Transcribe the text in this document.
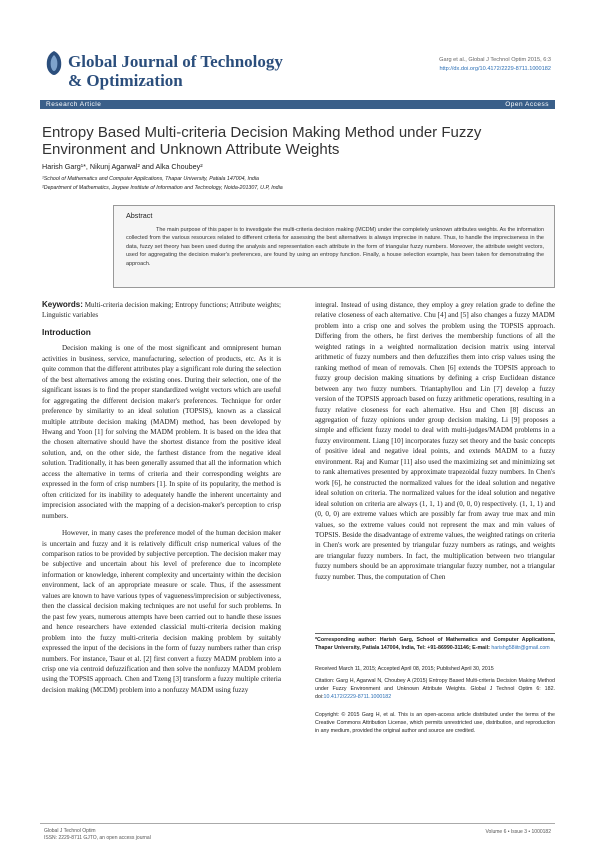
Global Journal of Technology
& Optimization
Garg et al., Global J Technol Optim 2015, 6:3
http://dx.doi.org/10.4172/2229-8711.1000182
Research Article	Open Access
Entropy Based Multi-criteria Decision Making Method under Fuzzy Environment and Unknown Attribute Weights
Harish Garg¹*, Nikunj Agarwal² and Alka Choubey²
¹School of Mathematics and Computer Applications, Thapar University, Patiala 147004, India
²Department of Mathematics, Jaypee Institute of Information and Technology, Noida-201307, U.P, India
Abstract
The main purpose of this paper is to investigate the multi-criteria decision making (MCDM) under the completely unknown attributes weights. As the information collected from the various resources related to different criteria for assessing the best alternatives is always imprecise in nature. Thus, to handle the impreciseness in the data, fuzzy set theory has been used during the analysis and representation each attribute in the form of triangular fuzzy numbers. Moreover, the attribute weight vectors, used for aggregating the decision maker's preferences, are found by using an entropy function. Finally, a house selection example, has been taken for demonstrating the approach.

Keywords: Multi-criteria decision making; Entropy functions; Attribute weights; Linguistic variables

Introduction

Decision making is one of the most significant and omnipresent human activities in business, service, manufacturing, selection of products, etc. As it is quite common that the different attributes play a significant role during the selection of the best alternatives among the existing ones. During their selection, one of the significant issues is to find the proper standardized weight vectors which are useful for aggregating the different decision maker's preferences. Technique for order preference by similarity to an ideal solution (TOPSIS), known as a classical multiple attribute decision making (MADM) method, has been developed by Hwang and Yoon [1] for solving the MADM problem. It is based on the idea that the chosen alternative should have the shortest distance from the positive ideal solution, and, on the other side, the farthest distance from the negative ideal solution. Traditionally, it has been generally assumed that all the information which access the alternative in terms of criteria and their corresponding weights are expressed in the form of crisp numbers [1]. In spite of its popularity, the method is often criticized for its inability to adequately handle the inherent uncertainty and imprecision associated with the mapping of a decision-maker's perception to crisp numbers.

However, in many cases the preference model of the human decision maker is uncertain and fuzzy and it is relatively difficult crisp numerical values of the comparison ratios to be provided by subjective perception. The decision maker may be subjective and uncertain about his level of preference due to incomplete information or knowledge, inherent complexity and uncertainty within the decision environment, lack of an appropriate measure or scale. Thus, if the assessment values are known to have various types of vagueness/imprecision or subjectiveness, then the classical decision making techniques are not useful for such problems. In the past few years, numerous attempts have been carried out to handle these issues and hence researchers have extended classicial multi-criteria decision making problem into the fuzzy multi-criteria decision making problem by suitably expressed the input of the decisions in the form of fuzzy numbers rather than crisp numbers. For instance, Tsaur et al. [2] first convert a fuzzy MADM problem into a crisp one via centroid defuzzification and then solve the nonfuzzy MADM problem using the TOPSIS approach. Chen and Tzeng [3] transform a fuzzy multiple criteria decision making (MCDM) problem into a nonfuzzy MADM using fuzzy

integral. Instead of using distance, they employ a grey relation grade to define the relative closeness of each alternative. Chu [4] and [5] also changes a fuzzy MADM problem into a crisp one and solves the problem using the TOPSIS approach. Differing from the others, he first derives the membership functions of all the weighted ratings in a weighted normalization decision matrix using interval arithmetic of fuzzy numbers and then defuzzifies them into crisp values using the ranking method of mean of removals. Chen [6] extends the TOPSIS approach to fuzzy group decision making situations by defining a crisp Euclidean distance between any two fuzzy numbers. Triantaphyllou and Lin [7] develop a fuzzy version of the TOPSIS approach based on fuzzy arithmetic operations, resulting in a fuzzy relative closeness for each alternative. Hsu and Chen [8] discuss an aggregation of fuzzy opinions under group decision making. Li [9] proposes a simple and efficient fuzzy model to deal with multi-judges/MADM problems in a fuzzy environment. Liang [10] incorporates fuzzy set theory and the basic concepts of positive ideal and negative ideal points, and extends MADM to a fuzzy environment. Raj and Kumar [11] also used the maximizing set and minimizing set to rank alternatives presented by approximate trapezoidal fuzzy numbers. In Chen's work [6], he constructed the normalized values for the ideal solution and negative ideal solution on criteria. The normalized values for the ideal solution and negative ideal solution on criteria are always (1, 1, 1) and (0, 0, 0) respectively. (1, 1, 1) and (0, 0, 0) are extreme values which are possibly far from away true max and min values, so the extreme values could not represent the max and min values of TOPSIS. Beside the disadvantage of extreme values, the weighted ratings on criteria in Chen's work are presented by triangular fuzzy numbers as ratings, and weights are triangular fuzzy numbers. In fact, the multiplication between two triangular fuzzy numbers should be an approximate triangular fuzzy number, not a triangular fuzzy number. Thus, the computation of Chen

*Corresponding author: Harish Garg, School of Mathematics and Computer Applications, Thapar University, Patiala 147004, India, Tel: +91-86990-31146; E-mail: harishg58iitr@gmail.com
Received March 11, 2015; Accepted April 08, 2015; Published April 30, 2015
Citation: Garg H, Agarwal N, Choubey A (2015) Entropy Based Multi-criteria Decision Making Method under Fuzzy Environment and Unknown Attribute Weights. Global J Technol Optim 6: 182. doi:10.4172/2229-8711.1000182
Copyright: © 2015 Garg H, et al. This is an open-access article distributed under the terms of the Creative Commons Attribution License, which permits unrestricted use, distribution, and reproduction in any medium, provided the original author and source are credited.
Global J Technol Optim
ISSN: 2229-8711 GJTO, an open access journal
Volume 6 • Issue 3 • 1000182
